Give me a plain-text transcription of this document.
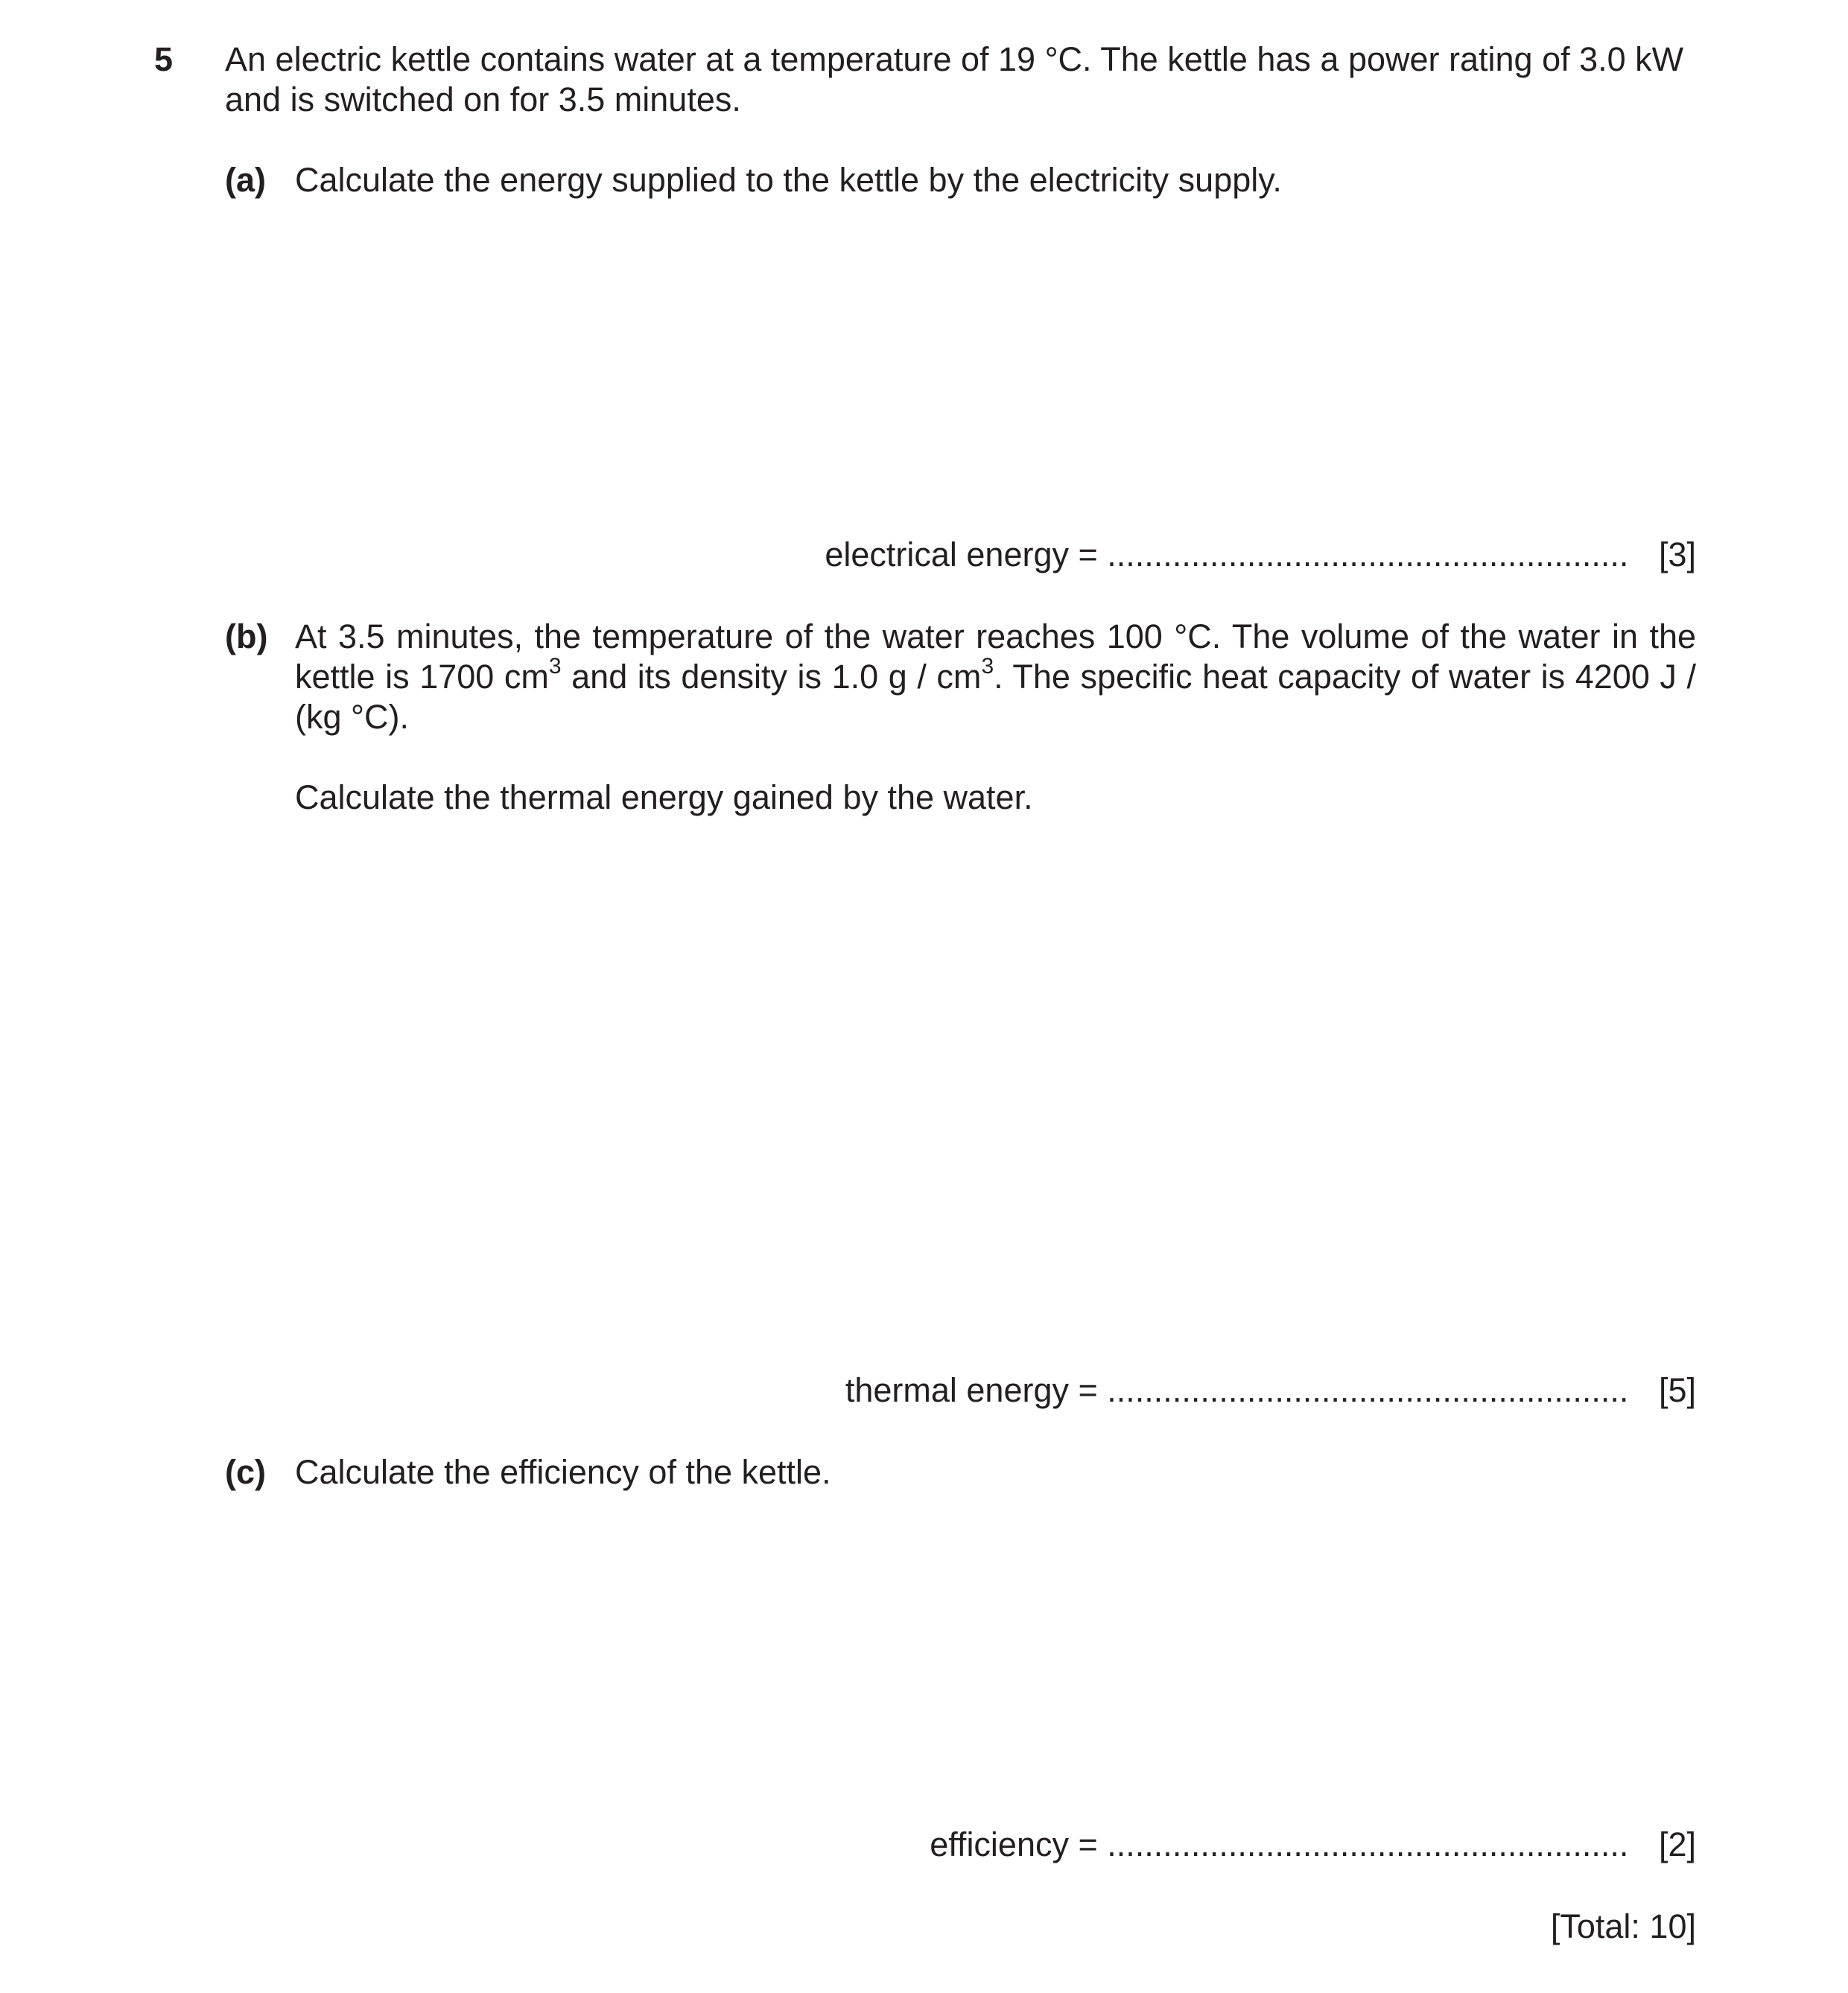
5 An electric kettle contains water at a temperature of 19 °C. The kettle has a power rating of 3.0 kW
and is switched on for 3.5 minutes.
(a) Calculate the energy supplied to the kettle by the electricity supply.
electrical energy = ........................................................ [3]
(b) At 3.5 minutes, the temperature of the water reaches 100 °C. The volume of the water in the kettle is 1700 $cm^3$ and its density is 1.0 g / $cm^3$. The specific heat capacity of water is 4200 J / (kg °C).
Calculate the thermal energy gained by the water.
thermal energy = ........................................................ [5]
(c) Calculate the efficiency of the kettle.
efficiency = ........................................................ [2]
[Total: 10]
